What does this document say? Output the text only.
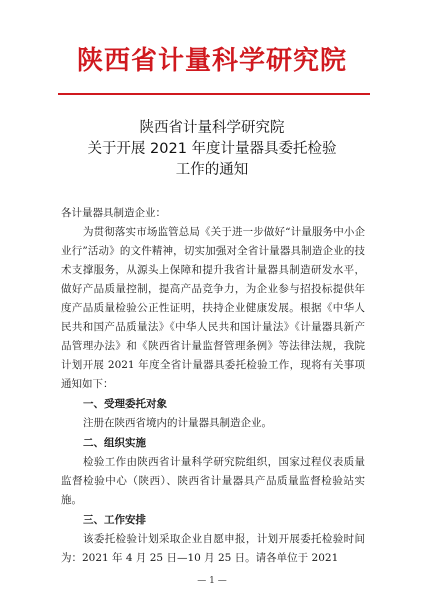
陕西省计量科学研究院
陕西省计量科学研究院
关于开展 2021 年度计量器具委托检验
工作的通知

各计量器具制造企业：

为贯彻落实市场监管总局《关于进一步做好“计量服务中小企业行”活动》的文件精神，切实加强对全省计量器具制造企业的技术支撑服务，从源头上保障和提升我省计量器具制造研发水平，做好产品质量控制，提高产品竞争力，为企业参与招投标提供年度产品质量检验公正性证明，扶持企业健康发展。根据《中华人民共和国产品质量法》《中华人民共和国计量法》《计量器具新产品管理办法》和《陕西省计量监督管理条例》等法律法规，我院计划开展 2021 年度全省计量器具委托检验工作，现将有关事项通知如下：

一、受理委托对象

注册在陕西省境内的计量器具制造企业。

二、组织实施

检验工作由陕西省计量科学研究院组织，国家过程仪表质量监督检验中心（陕西）、陕西省计量器具产品质量监督检验站实施。

三、工作安排

该委托检验计划采取企业自愿申报，计划开展委托检验时间为：2021 年 4 月 25 日—10 月 25 日。请各单位于 2021

— 1 —
